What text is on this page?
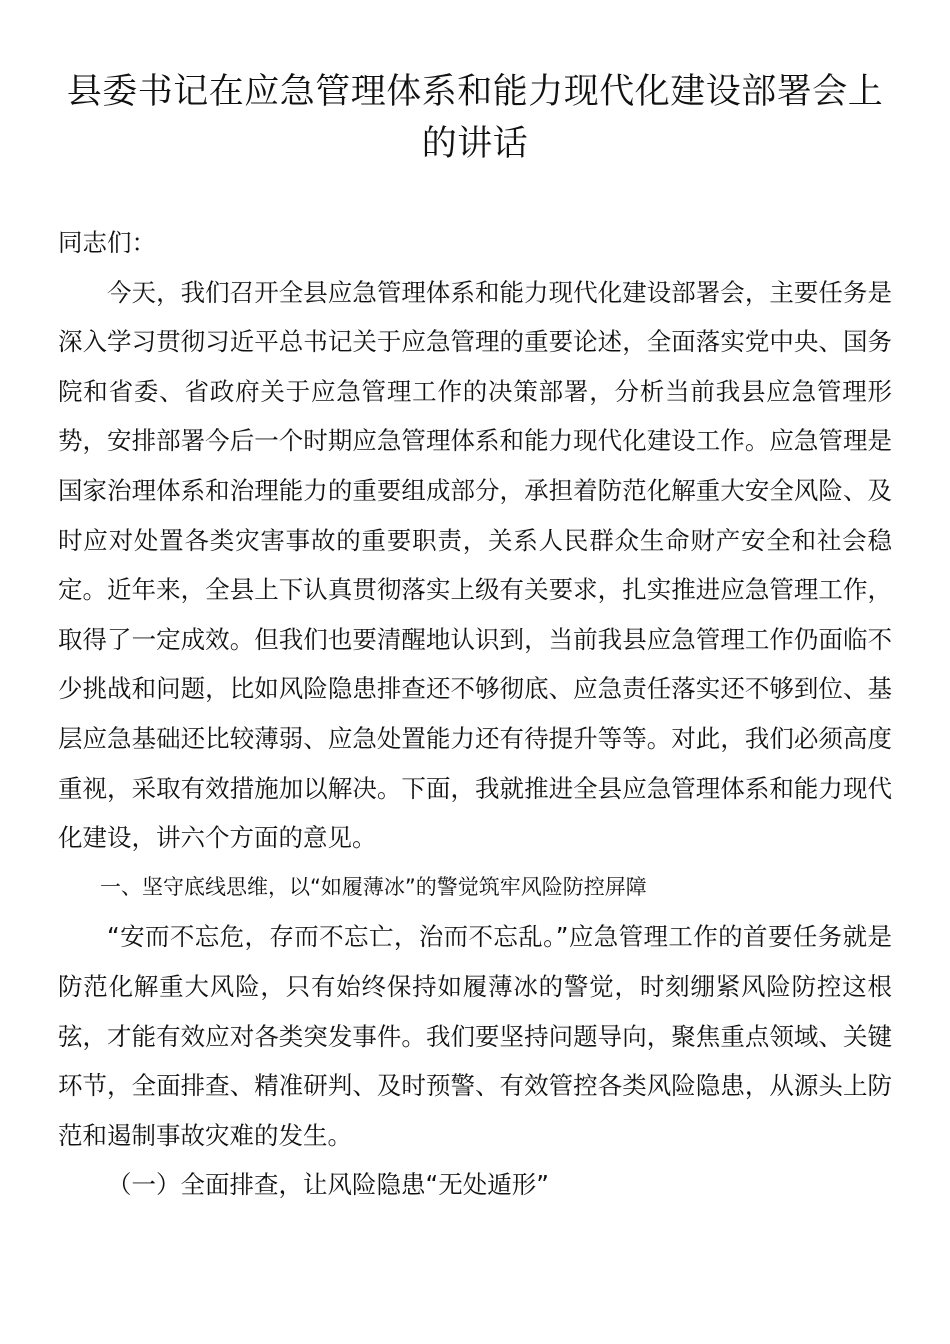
县委书记在应急管理体系和能力现代化建设部署会上的讲话

同志们：

今天，我们召开全县应急管理体系和能力现代化建设部署会，主要任务是深入学习贯彻习近平总书记关于应急管理的重要论述，全面落实党中央、国务院和省委、省政府关于应急管理工作的决策部署，分析当前我县应急管理形势，安排部署今后一个时期应急管理体系和能力现代化建设工作。应急管理是国家治理体系和治理能力的重要组成部分，承担着防范化解重大安全风险、及时应对处置各类灾害事故的重要职责，关系人民群众生命财产安全和社会稳定。近年来，全县上下认真贯彻落实上级有关要求，扎实推进应急管理工作，取得了一定成效。但我们也要清醒地认识到，当前我县应急管理工作仍面临不少挑战和问题，比如风险隐患排查还不够彻底、应急责任落实还不够到位、基层应急基础还比较薄弱、应急处置能力还有待提升等等。对此，我们必须高度重视，采取有效措施加以解决。下面，我就推进全县应急管理体系和能力现代化建设，讲六个方面的意见。

一、坚守底线思维，以“如履薄冰”的警觉筑牢风险防控屏障

“安而不忘危，存而不忘亡，治而不忘乱。”应急管理工作的首要任务就是防范化解重大风险，只有始终保持如履薄冰的警觉，时刻绷紧风险防控这根弦，才能有效应对各类突发事件。我们要坚持问题导向，聚焦重点领域、关键环节，全面排查、精准研判、及时预警、有效管控各类风险隐患，从源头上防范和遏制事故灾难的发生。

（一）全面排查，让风险隐患“无处遁形”
